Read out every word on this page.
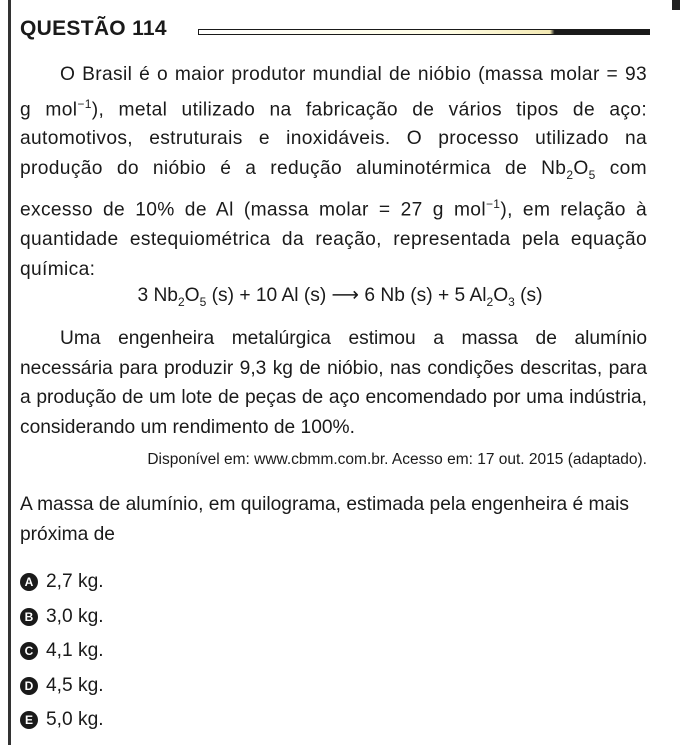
QUESTÃO 114

O Brasil é o maior produtor mundial de nióbio (massa molar = 93 g mol$^{-1}$), metal utilizado na fabricação de vários tipos de aço: automotivos, estruturais e inoxidáveis. O processo utilizado na produção do nióbio é a redução aluminotérmica de $Nb_2O_5$ com excesso de 10% de Al (massa molar = 27 g mol$^{-1}$), em relação à quantidade estequiométrica da reação, representada pela equação química:

3 $Nb_2O_5$ (s) + 10 Al (s) ⟶ 6 Nb (s) + 5 $Al_2O_3$ (s)

Uma engenheira metalúrgica estimou a massa de alumínio necessária para produzir 9,3 kg de nióbio, nas condições descritas, para a produção de um lote de peças de aço encomendado por uma indústria, considerando um rendimento de 100%.

Disponível em: www.cbmm.com.br. Acesso em: 17 out. 2015 (adaptado).
A massa de alumínio, em quilograma, estimada pela engenheira é mais próxima de
A 2,7 kg.
B 3,0 kg.
C 4,1 kg.
D 4,5 kg.
E 5,0 kg.
